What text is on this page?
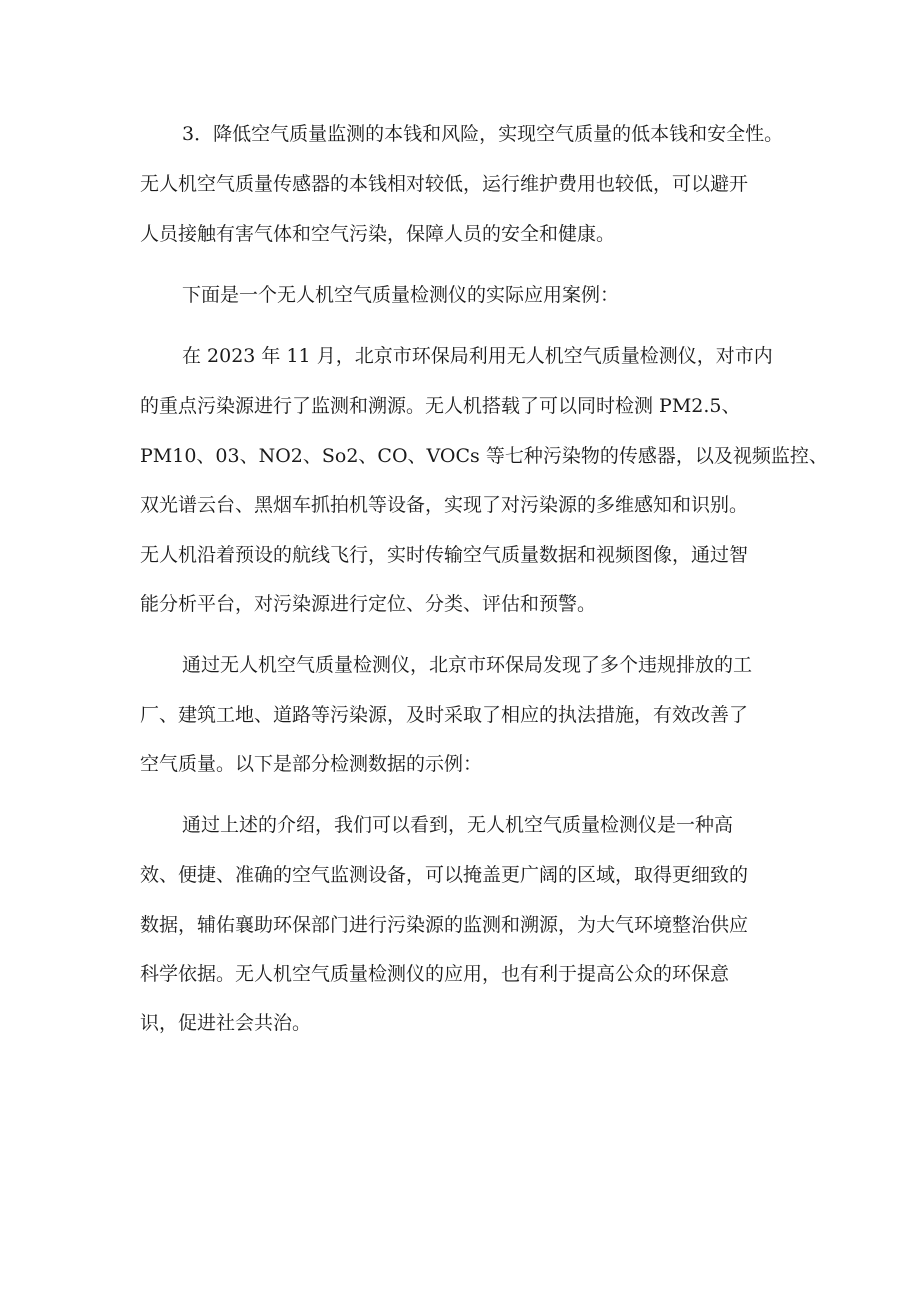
3．降低空气质量监测的本钱和风险，实现空气质量的低本钱和安全性。
无人机空气质量传感器的本钱相对较低，运行维护费用也较低，可以避开
人员接触有害气体和空气污染，保障人员的安全和健康。
下面是一个无人机空气质量检测仪的实际应用案例：
在 2023 年 11 月，北京市环保局利用无人机空气质量检测仪，对市内
的重点污染源进行了监测和溯源。无人机搭载了可以同时检测 PM2.5、
PM10、03、NO2、So2、CO、VOCs 等七种污染物的传感器，以及视频监控、
双光谱云台、黑烟车抓拍机等设备，实现了对污染源的多维感知和识别。
无人机沿着预设的航线飞行，实时传输空气质量数据和视频图像，通过智
能分析平台，对污染源进行定位、分类、评估和预警。
通过无人机空气质量检测仪，北京市环保局发现了多个违规排放的工
厂、建筑工地、道路等污染源，及时采取了相应的执法措施，有效改善了
空气质量。以下是部分检测数据的示例：
通过上述的介绍，我们可以看到，无人机空气质量检测仪是一种高
效、便捷、准确的空气监测设备，可以掩盖更广阔的区域，取得更细致的
数据，辅佑襄助环保部门进行污染源的监测和溯源，为大气环境整治供应
科学依据。无人机空气质量检测仪的应用，也有利于提高公众的环保意
识，促进社会共治。
